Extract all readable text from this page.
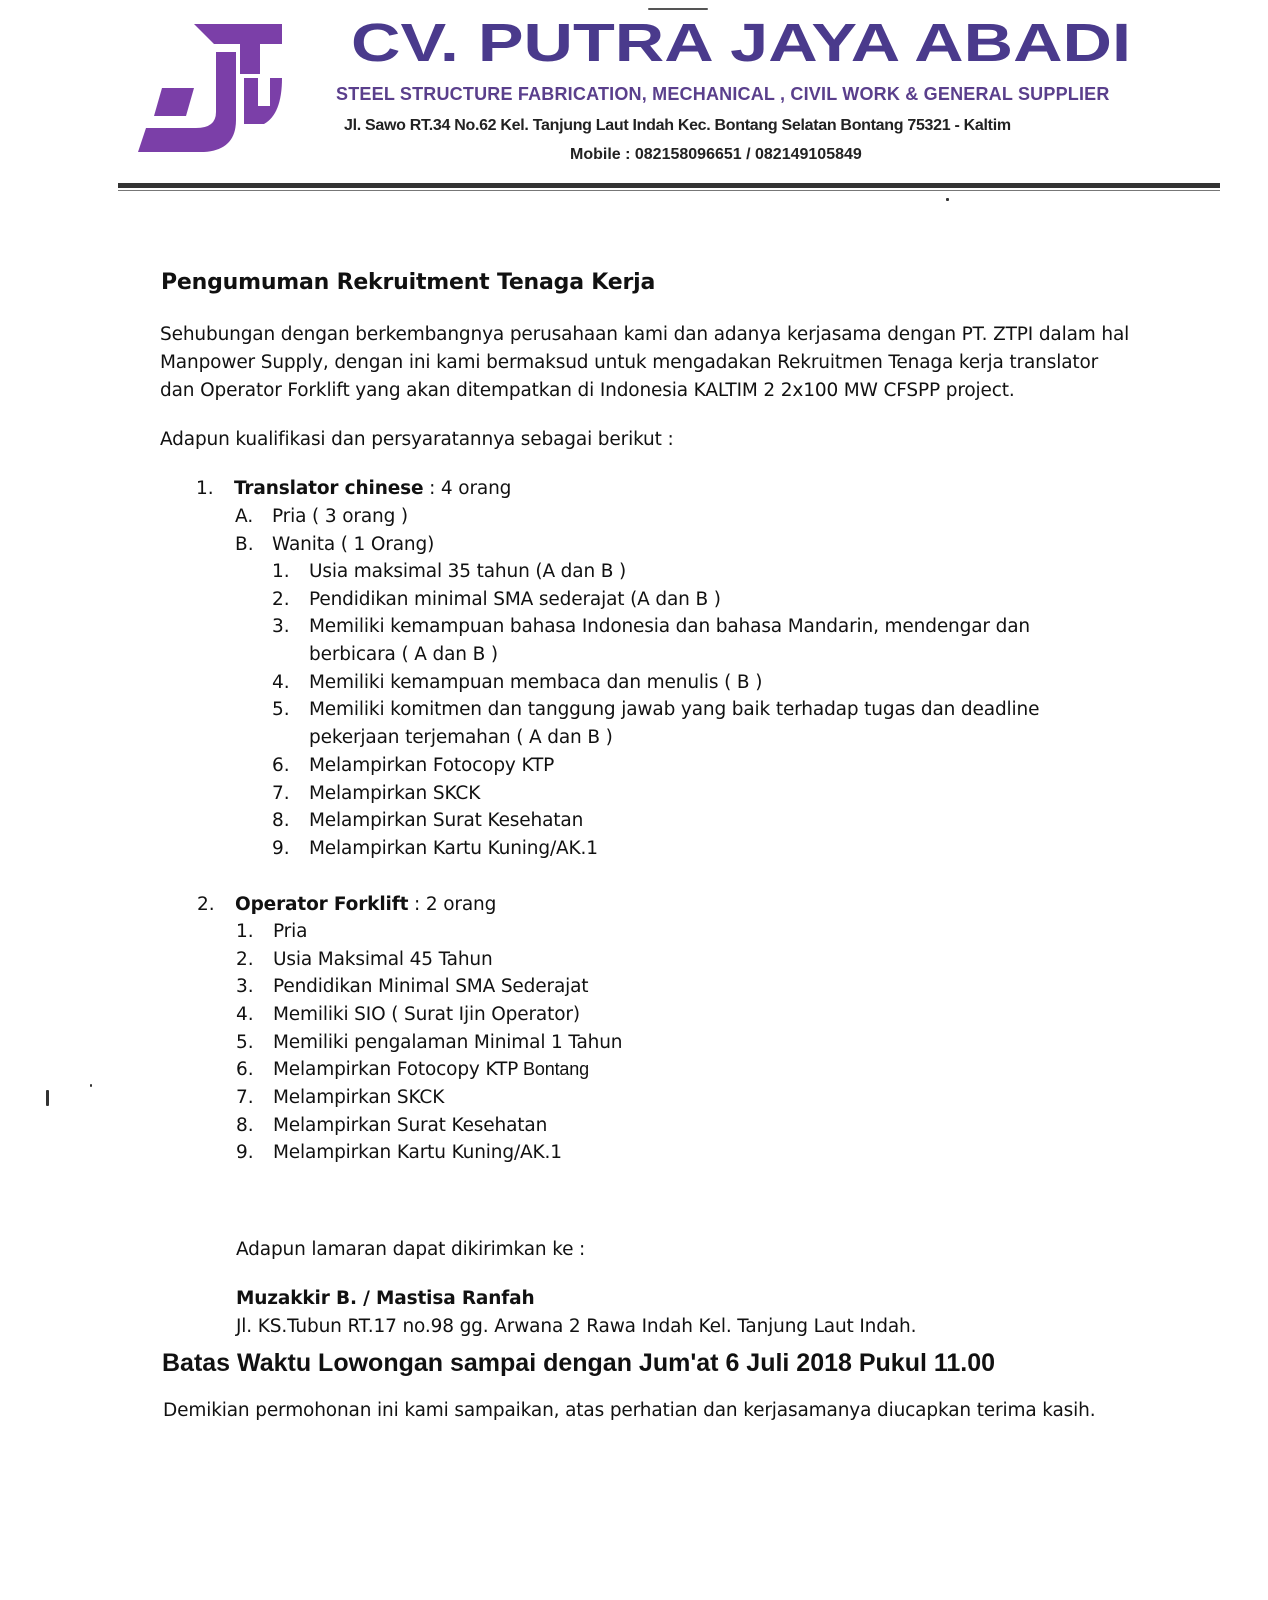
CV. PUTRA JAYA ABADI
STEEL STRUCTURE FABRICATION, MECHANICAL , CIVIL WORK & GENERAL SUPPLIER
Jl. Sawo RT.34 No.62 Kel. Tanjung Laut Indah Kec. Bontang Selatan Bontang 75321 - Kaltim
Mobile : 082158096651 / 082149105849
Pengumuman Rekruitment Tenaga Kerja
Sehubungan dengan berkembangnya perusahaan kami dan adanya kerjasama dengan PT. ZTPI dalam hal
Manpower Supply, dengan ini kami bermaksud untuk mengadakan Rekruitmen Tenaga kerja translator
dan Operator Forklift yang akan ditempatkan di Indonesia KALTIM 2 2x100 MW CFSPP project.
Adapun kualifikasi dan persyaratannya sebagai berikut :
1. Translator chinese : 4 orang
A. Pria ( 3 orang )
B. Wanita ( 1 Orang)
1. Usia maksimal 35 tahun (A dan B )
2. Pendidikan minimal SMA sederajat (A dan B )
3. Memiliki kemampuan bahasa Indonesia dan bahasa Mandarin, mendengar dan
berbicara ( A dan B )
4. Memiliki kemampuan membaca dan menulis ( B )
5. Memiliki komitmen dan tanggung jawab yang baik terhadap tugas dan deadline
pekerjaan terjemahan ( A dan B )
6. Melampirkan Fotocopy KTP
7. Melampirkan SKCK
8. Melampirkan Surat Kesehatan
9. Melampirkan Kartu Kuning/AK.1
2. Operator Forklift : 2 orang
1. Pria
2. Usia Maksimal 45 Tahun
3. Pendidikan Minimal SMA Sederajat
4. Memiliki SIO ( Surat Ijin Operator)
5. Memiliki pengalaman Minimal 1 Tahun
6. Melampirkan Fotocopy KTP Bontang
7. Melampirkan SKCK
8. Melampirkan Surat Kesehatan
9. Melampirkan Kartu Kuning/AK.1
Adapun lamaran dapat dikirimkan ke :
Muzakkir B. / Mastisa Ranfah
Jl. KS.Tubun RT.17 no.98 gg. Arwana 2 Rawa Indah Kel. Tanjung Laut Indah.
Batas Waktu Lowongan sampai dengan Jum'at 6 Juli 2018 Pukul 11.00
Demikian permohonan ini kami sampaikan, atas perhatian dan kerjasamanya diucapkan terima kasih.
